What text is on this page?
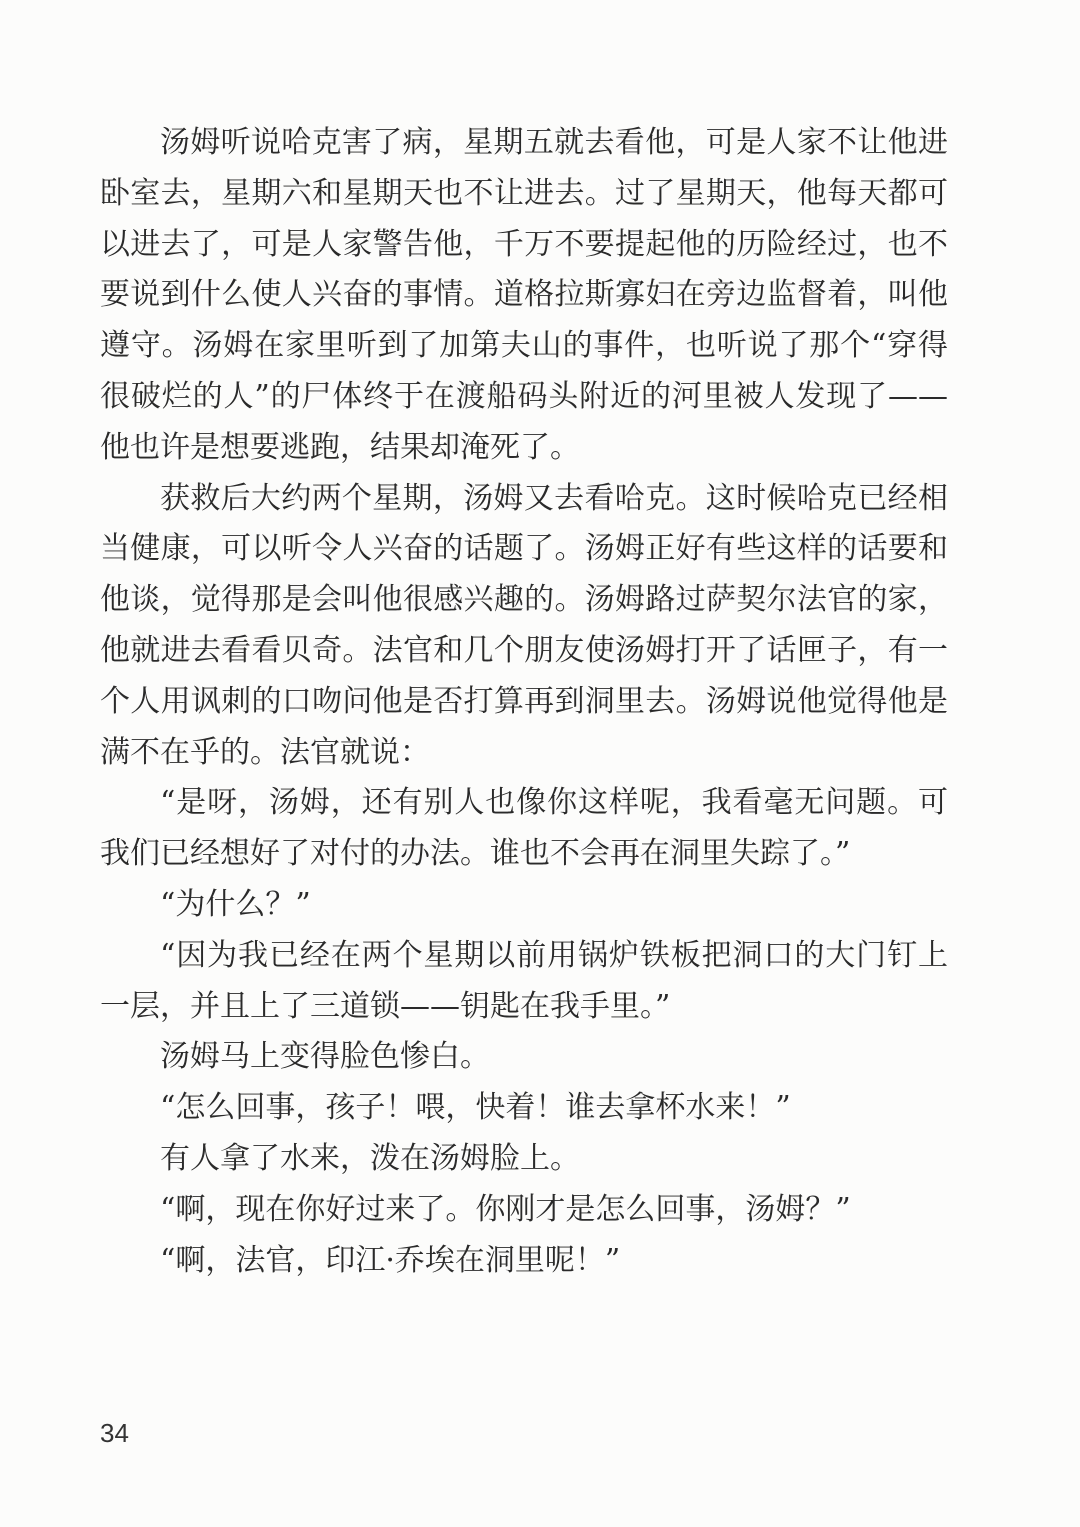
汤姆听说哈克害了病，星期五就去看他，可是人家不让他进
卧室去，星期六和星期天也不让进去。过了星期天，他每天都可
以进去了，可是人家警告他，千万不要提起他的历险经过，也不
要说到什么使人兴奋的事情。道格拉斯寡妇在旁边监督着，叫他
遵守。汤姆在家里听到了加第夫山的事件，也听说了那个“穿得
很破烂的人”的尸体终于在渡船码头附近的河里被人发现了——
他也许是想要逃跑，结果却淹死了。
获救后大约两个星期，汤姆又去看哈克。这时候哈克已经相
当健康，可以听令人兴奋的话题了。汤姆正好有些这样的话要和
他谈，觉得那是会叫他很感兴趣的。汤姆路过萨契尔法官的家，
他就进去看看贝奇。法官和几个朋友使汤姆打开了话匣子，有一
个人用讽刺的口吻问他是否打算再到洞里去。汤姆说他觉得他是
满不在乎的。法官就说：
“是呀，汤姆，还有别人也像你这样呢，我看毫无问题。可
我们已经想好了对付的办法。谁也不会再在洞里失踪了。”
“为什么？”
“因为我已经在两个星期以前用锅炉铁板把洞口的大门钉上
一层，并且上了三道锁——钥匙在我手里。”
汤姆马上变得脸色惨白。
“怎么回事，孩子！喂，快着！谁去拿杯水来！”
有人拿了水来，泼在汤姆脸上。
“啊，现在你好过来了。你刚才是怎么回事，汤姆？”
“啊，法官，印江·乔埃在洞里呢！”
34
